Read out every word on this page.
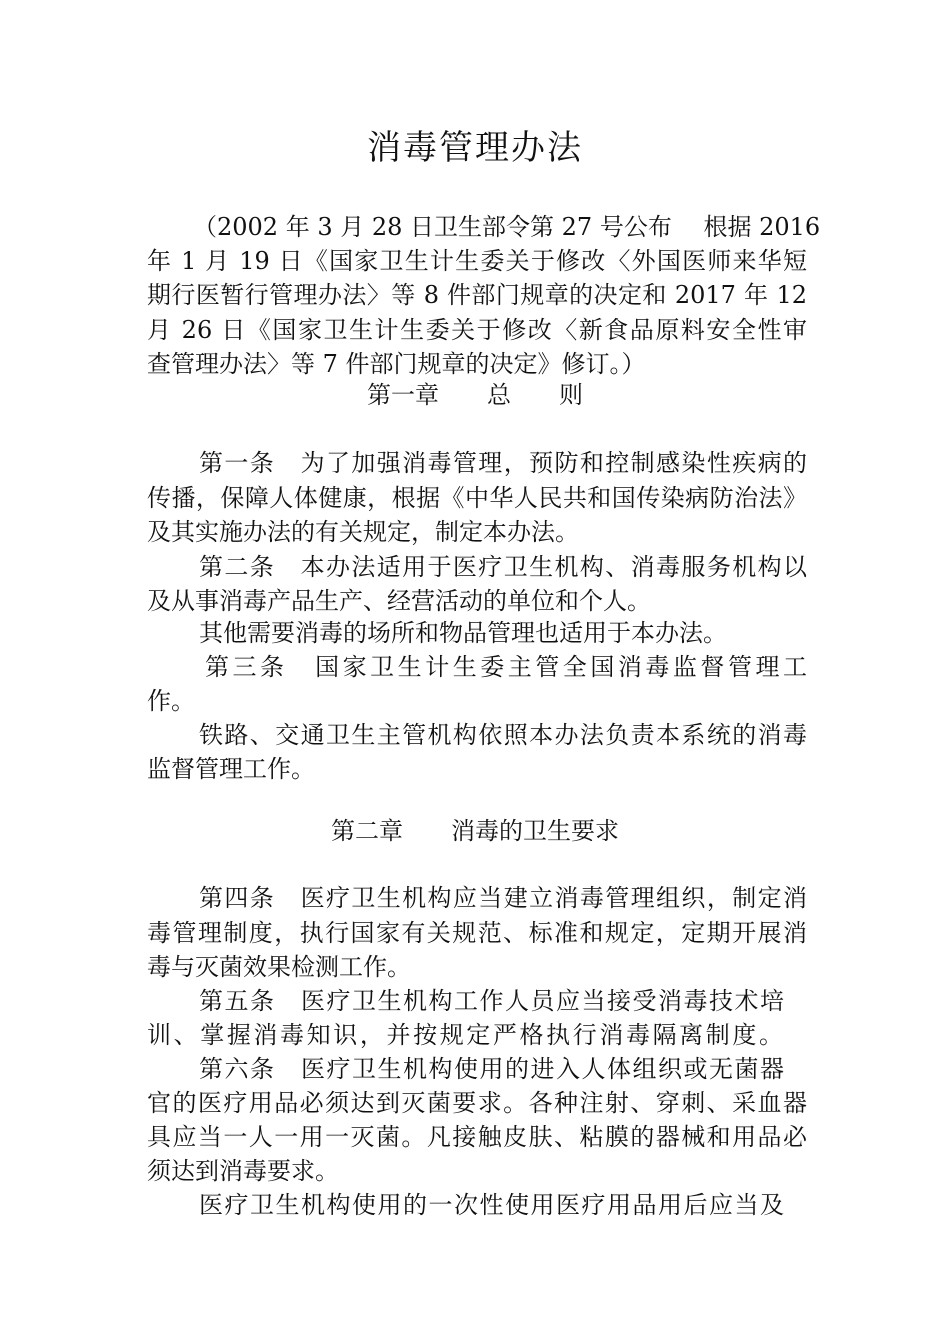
消毒管理办法
（2002 年 3 月 28 日卫生部令第 27 号公布　 根据 2016
年 1 月 19 日《国家卫生计生委关于修改〈外国医师来华短
期行医暂行管理办法〉等 8 件部门规章的决定和 2017 年 12
月 26 日《国家卫生计生委关于修改〈新食品原料安全性审
查管理办法〉等 7 件部门规章的决定》修订。）
第一章　　总　　则
第一条　为了加强消毒管理，预防和控制感染性疾病的
传播，保障人体健康，根据《中华人民共和国传染病防治法》
及其实施办法的有关规定，制定本办法。
第二条　本办法适用于医疗卫生机构、消毒服务机构以
及从事消毒产品生产、经营活动的单位和个人。
其他需要消毒的场所和物品管理也适用于本办法。
第三条　国家卫生计生委主管全国消毒监督管理工
作。
铁路、交通卫生主管机构依照本办法负责本系统的消毒
监督管理工作。
第二章　　消毒的卫生要求
第四条　医疗卫生机构应当建立消毒管理组织，制定消
毒管理制度，执行国家有关规范、标准和规定，定期开展消
毒与灭菌效果检测工作。
第五条　医疗卫生机构工作人员应当接受消毒技术培
训、掌握消毒知识，并按规定严格执行消毒隔离制度。
第六条　医疗卫生机构使用的进入人体组织或无菌器
官的医疗用品必须达到灭菌要求。各种注射、穿刺、采血器
具应当一人一用一灭菌。凡接触皮肤、粘膜的器械和用品必
须达到消毒要求。
医疗卫生机构使用的一次性使用医疗用品用后应当及
